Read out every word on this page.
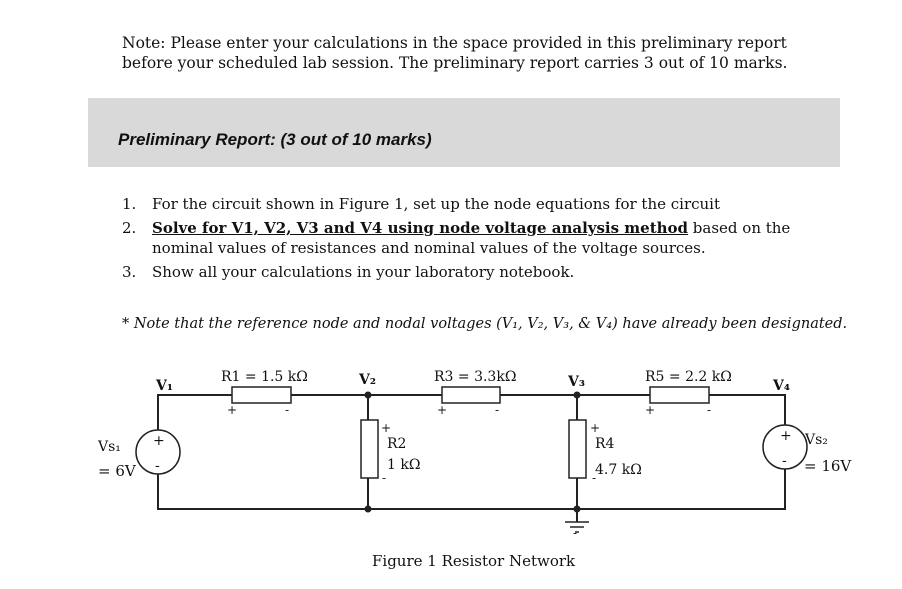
Note: Please enter your calculations in the space provided in this preliminary report before your scheduled lab session. The preliminary report carries 3 out of 10 marks.
Preliminary Report: (3 out of 10 marks)
1.	For the circuit shown in Figure 1, set up the node equations for the circuit
2.	Solve for V1, V2, V3 and V4 using node voltage analysis method based on the nominal values of resistances and nominal values of the voltage sources.
3.	Show all your calculations in your laboratory notebook.
* Note that the reference node and nodal voltages (V₁, V₂, V₃, & V₄) have already been designated.
V₁	V₂	V₃	V₄
R1 = 1.5 kΩ	R3 = 3.3kΩ	R5 = 2.2 kΩ
R2
1 kΩ
R4
4.7 kΩ
+	-	+	-	+	-
+
-
+
-
-
+
-
+
-
Vs₁
= 6V
Vs₂
= 16V
Figure 1 Resistor Network
